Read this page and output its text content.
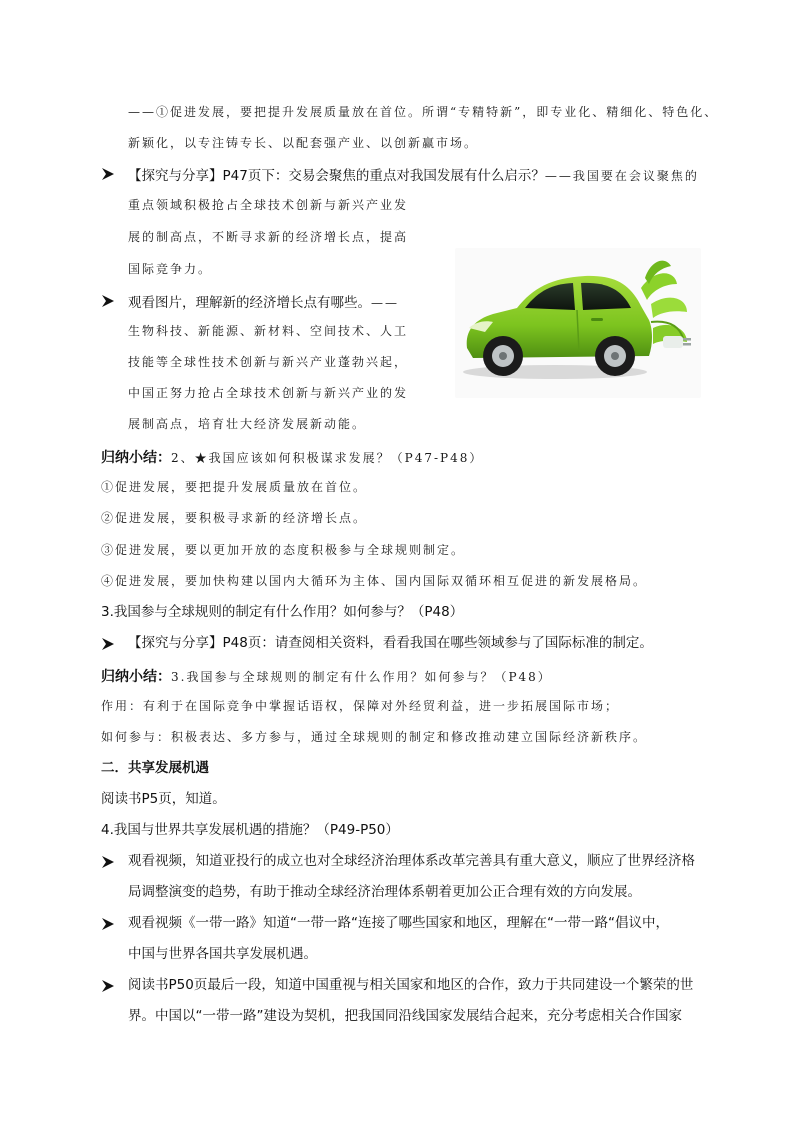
——①促进发展，要把提升发展质量放在首位。所谓“专精特新”，即专业化、精细化、特色化、
新颖化，以专注铸专长、以配套强产业、以创新赢市场。
【探究与分享】P47页下：交易会聚焦的重点对我国发展有什么启示？——我国要在会议聚焦的
重点领域积极抢占全球技术创新与新兴产业发
展的制高点，不断寻求新的经济增长点，提高
国际竞争力。
观看图片，理解新的经济增长点有哪些。——
生物科技、新能源、新材料、空间技术、人工
技能等全球性技术创新与新兴产业蓬勃兴起，
中国正努力抢占全球技术创新与新兴产业的发
展制高点，培育壮大经济发展新动能。
归纳小结：2、★我国应该如何积极谋求发展？（P47-P48）
①促进发展，要把提升发展质量放在首位。
②促进发展，要积极寻求新的经济增长点。
③促进发展，要以更加开放的态度积极参与全球规则制定。
④促进发展，要加快构建以国内大循环为主体、国内国际双循环相互促进的新发展格局。
3.我国参与全球规则的制定有什么作用？如何参与？（P48）
【探究与分享】P48页：请查阅相关资料，看看我国在哪些领域参与了国际标准的制定。
归纳小结：3.我国参与全球规则的制定有什么作用？如何参与？（P48）
作用：有利于在国际竞争中掌握话语权，保障对外经贸利益，进一步拓展国际市场；
如何参与：积极表达、多方参与，通过全球规则的制定和修改推动建立国际经济新秩序。
二．共享发展机遇
阅读书P5页，知道。
4.我国与世界共享发展机遇的措施？（P49-P50）
观看视频，知道亚投行的成立也对全球经济治理体系改革完善具有重大意义，顺应了世界经济格
局调整演变的趋势，有助于推动全球经济治理体系朝着更加公正合理有效的方向发展。
观看视频《一带一路》知道“一带一路“连接了哪些国家和地区，理解在“一带一路“倡议中，
中国与世界各国共享发展机遇。
阅读书P50页最后一段，知道中国重视与相关国家和地区的合作，致力于共同建设一个繁荣的世
界。中国以“一带一路”建设为契机，把我国同沿线国家发展结合起来，充分考虑相关合作国家
